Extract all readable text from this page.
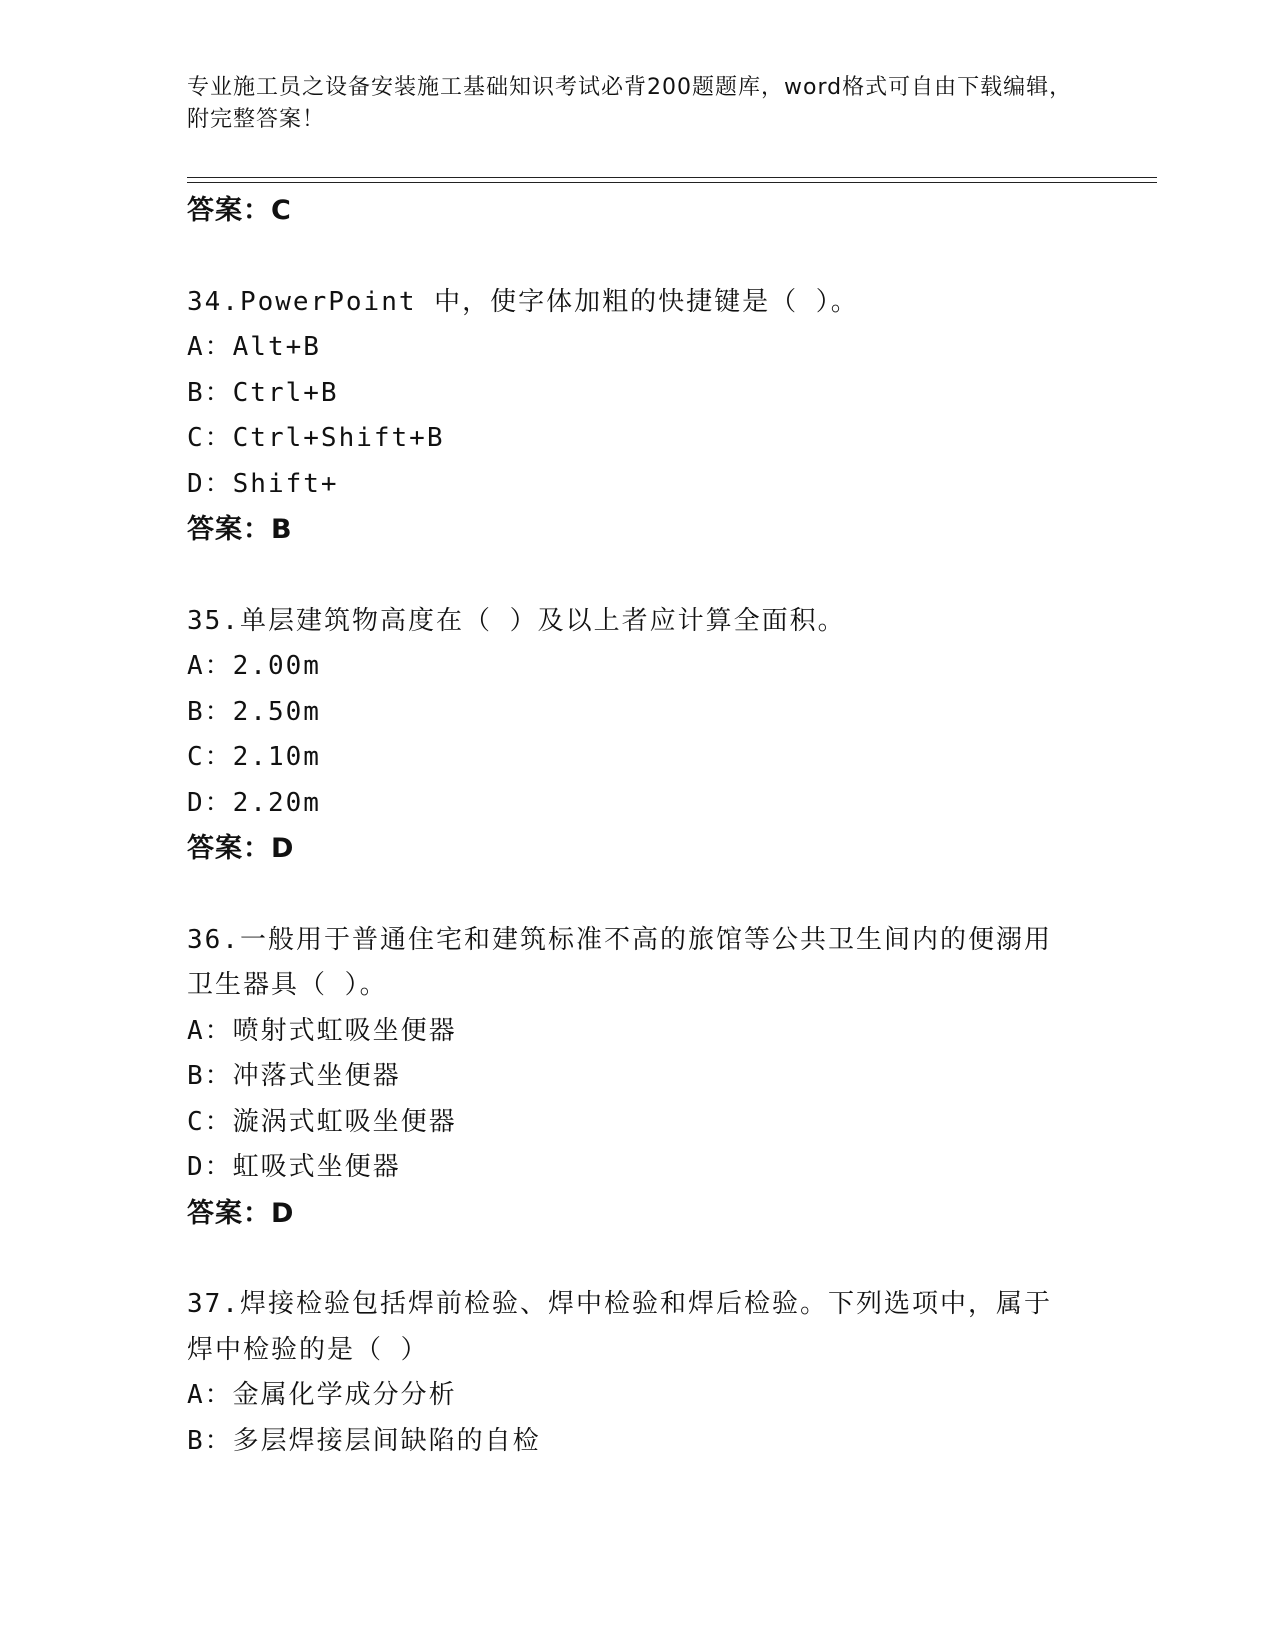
专业施工员之设备安装施工基础知识考试必背200题题库，word格式可自由下载编辑，附完整答案！
答案：C
34.PowerPoint 中，使字体加粗的快捷键是（ ）。
A：Alt+B
B：Ctrl+B
C：Ctrl+Shift+B
D：Shift+
答案：B
35.单层建筑物高度在（ ）及以上者应计算全面积。
A：2.00m
B：2.50m
C：2.10m
D：2.20m
答案：D
36.一般用于普通住宅和建筑标准不高的旅馆等公共卫生间内的便溺用
卫生器具（ ）。
A：喷射式虹吸坐便器
B：冲落式坐便器
C：漩涡式虹吸坐便器
D：虹吸式坐便器
答案：D
37.焊接检验包括焊前检验、焊中检验和焊后检验。下列选项中，属于
焊中检验的是（ ）
A：金属化学成分分析
B：多层焊接层间缺陷的自检
